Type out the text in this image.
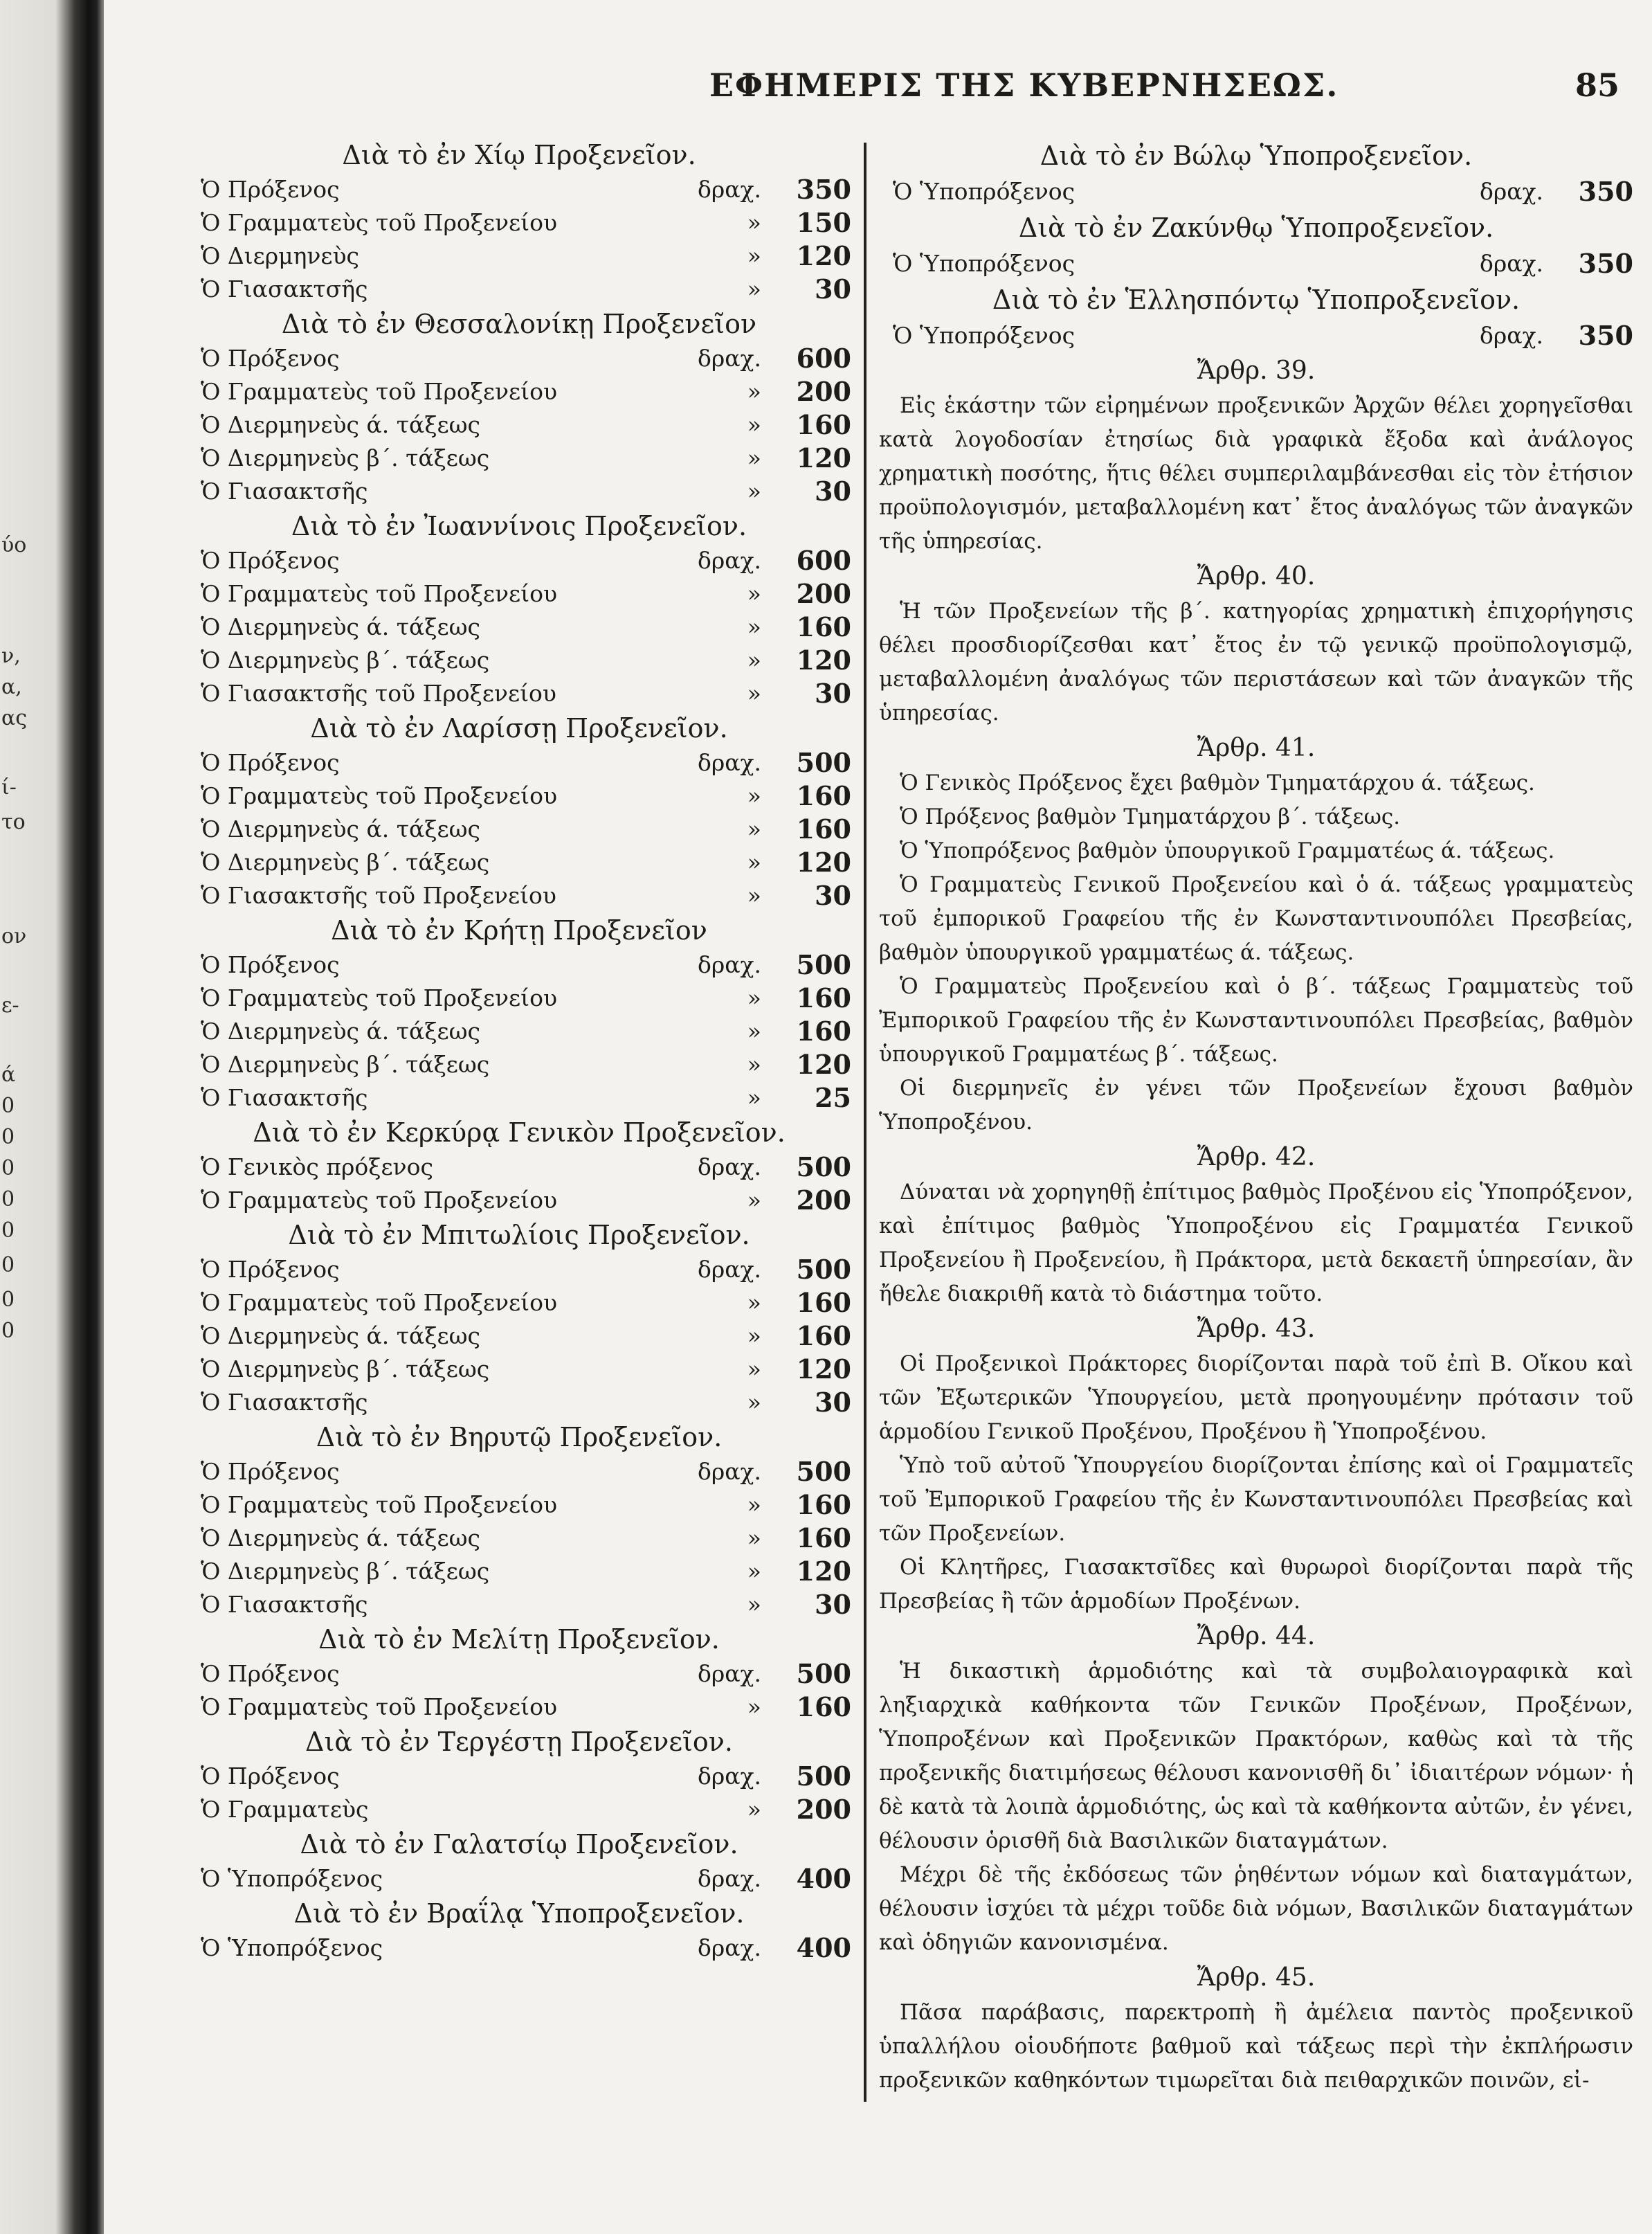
ύο
ν,
α,
ας
ί-
το
ον
ε-
ά
0
0
0
0
0
0
0
0
ΕΦΗΜΕΡΙΣ ΤΗΣ ΚΥΒΕΡΝΗΣΕΩΣ.	85
Διὰ τὸ ἐν Χίῳ Προξενεῖον.
Ὁ Πρόξενος	δραχ.	350
Ὁ Γραμματεὺς τοῦ Προξενείου	»	150
Ὁ Διερμηνεὺς	»	120
Ὁ Γιασακτσῆς	»	30
Διὰ τὸ ἐν Θεσσαλονίκῃ Προξενεῖον
Ὁ Πρόξενος	δραχ.	600
Ὁ Γραμματεὺς τοῦ Προξενείου	»	200
Ὁ Διερμηνεὺς ά. τάξεως	»	160
Ὁ Διερμηνεὺς β΄. τάξεως	»	120
Ὁ Γιασακτσῆς	»	30
Διὰ τὸ ἐν Ἰωαννίνοις Προξενεῖον.
Ὁ Πρόξενος	δραχ.	600
Ὁ Γραμματεὺς τοῦ Προξενείου	»	200
Ὁ Διερμηνεὺς ά. τάξεως	»	160
Ὁ Διερμηνεὺς β΄. τάξεως	»	120
Ὁ Γιασακτσῆς τοῦ Προξενείου	»	30
Διὰ τὸ ἐν Λαρίσσῃ Προξενεῖον.
Ὁ Πρόξενος	δραχ.	500
Ὁ Γραμματεὺς τοῦ Προξενείου	»	160
Ὁ Διερμηνεὺς ά. τάξεως	»	160
Ὁ Διερμηνεὺς β΄. τάξεως	»	120
Ὁ Γιασακτσῆς τοῦ Προξενείου	»	30
Διὰ τὸ ἐν Κρήτῃ Προξενεῖον
Ὁ Πρόξενος	δραχ.	500
Ὁ Γραμματεὺς τοῦ Προξενείου	»	160
Ὁ Διερμηνεὺς ά. τάξεως	»	160
Ὁ Διερμηνεὺς β΄. τάξεως	»	120
Ὁ Γιασακτσῆς	»	25
Διὰ τὸ ἐν Κερκύρᾳ Γενικὸν Προξενεῖον.
Ὁ Γενικὸς πρόξενος	δραχ.	500
Ὁ Γραμματεὺς τοῦ Προξενείου	»	200
Διὰ τὸ ἐν Μπιτωλίοις Προξενεῖον.
Ὁ Πρόξενος	δραχ.	500
Ὁ Γραμματεὺς τοῦ Προξενείου	»	160
Ὁ Διερμηνεὺς ά. τάξεως	»	160
Ὁ Διερμηνεὺς β΄. τάξεως	»	120
Ὁ Γιασακτσῆς	»	30
Διὰ τὸ ἐν Βηρυτῷ Προξενεῖον.
Ὁ Πρόξενος	δραχ.	500
Ὁ Γραμματεὺς τοῦ Προξενείου	»	160
Ὁ Διερμηνεὺς ά. τάξεως	»	160
Ὁ Διερμηνεὺς β΄. τάξεως	»	120
Ὁ Γιασακτσῆς	»	30
Διὰ τὸ ἐν Μελίτῃ Προξενεῖον.
Ὁ Πρόξενος	δραχ.	500
Ὁ Γραμματεὺς τοῦ Προξενείου	»	160
Διὰ τὸ ἐν Τεργέστῃ Προξενεῖον.
Ὁ Πρόξενος	δραχ.	500
Ὁ Γραμματεὺς	»	200
Διὰ τὸ ἐν Γαλατσίῳ Προξενεῖον.
Ὁ Ὑποπρόξενος	δραχ.	400
Διὰ τὸ ἐν Βραΐλᾳ Ὑποπροξενεῖον.
Ὁ Ὑποπρόξενος	δραχ.	400
Διὰ τὸ ἐν Βώλῳ Ὑποπροξενεῖον.
Ὁ Ὑποπρόξενος	δραχ.	350
Διὰ τὸ ἐν Ζακύνθῳ Ὑποπροξενεῖον.
Ὁ Ὑποπρόξενος	δραχ.	350
Διὰ τὸ ἐν Ἑλλησπόντῳ Ὑποπροξενεῖον.
Ὁ Ὑποπρόξενος	δραχ.	350
Ἄρθρ. 39.

Εἰς ἑκάστην τῶν εἰρημένων προξενικῶν Ἀρχῶν θέλει χορηγεῖσθαι κατὰ λογοδοσίαν ἐτησίως διὰ γραφικὰ ἔξοδα καὶ ἀνάλογος χρηματικὴ ποσότης, ἥτις θέλει συμπεριλαμβάνεσθαι εἰς τὸν ἐτήσιον προϋπολογισμόν, μεταβαλλομένη κατ᾽ ἔτος ἀναλόγως τῶν ἀναγκῶν τῆς ὑπηρεσίας.

Ἄρθρ. 40.

Ἡ τῶν Προξενείων τῆς β΄. κατηγορίας χρηματικὴ ἐπιχορήγησις θέλει προσδιορίζεσθαι κατ᾽ ἔτος ἐν τῷ γενικῷ προϋπολογισμῷ, μεταβαλλομένη ἀναλόγως τῶν περιστάσεων καὶ τῶν ἀναγκῶν τῆς ὑπηρεσίας.

Ἄρθρ. 41.

Ὁ Γενικὸς Πρόξενος ἔχει βαθμὸν Τμηματάρχου ά. τάξεως.

Ὁ Πρόξενος βαθμὸν Τμηματάρχου β΄. τάξεως.

Ὁ Ὑποπρόξενος βαθμὸν ὑπουργικοῦ Γραμματέως ά. τάξεως.

Ὁ Γραμματεὺς Γενικοῦ Προξενείου καὶ ὁ ά. τάξεως γραμματεὺς τοῦ ἐμπορικοῦ Γραφείου τῆς ἐν Κωνσταντινουπόλει Πρεσβείας, βαθμὸν ὑπουργικοῦ γραμματέως ά. τάξεως.

Ὁ Γραμματεὺς Προξενείου καὶ ὁ β΄. τάξεως Γραμματεὺς τοῦ Ἐμπορικοῦ Γραφείου τῆς ἐν Κωνσταντινουπόλει Πρεσβείας, βαθμὸν ὑπουργικοῦ Γραμματέως β΄. τάξεως.

Οἱ διερμηνεῖς ἐν γένει τῶν Προξενείων ἔχουσι βαθμὸν Ὑποπροξένου.

Ἄρθρ. 42.

Δύναται νὰ χορηγηθῇ ἐπίτιμος βαθμὸς Προξένου εἰς Ὑποπρόξενον, καὶ ἐπίτιμος βαθμὸς Ὑποπροξένου εἰς Γραμματέα Γενικοῦ Προξενείου ἢ Προξενείου, ἢ Πράκτορα, μετὰ δεκαετῆ ὑπηρεσίαν, ἂν ἤθελε διακριθῆ κατὰ τὸ διάστημα τοῦτο.

Ἄρθρ. 43.

Οἱ Προξενικοὶ Πράκτορες διορίζονται παρὰ τοῦ ἐπὶ Β. Οἴκου καὶ τῶν Ἐξωτερικῶν Ὑπουργείου, μετὰ προηγουμένην πρότασιν τοῦ ἁρμοδίου Γενικοῦ Προξένου, Προξένου ἢ Ὑποπροξένου.

Ὑπὸ τοῦ αὐτοῦ Ὑπουργείου διορίζονται ἐπίσης καὶ οἱ Γραμματεῖς τοῦ Ἐμπορικοῦ Γραφείου τῆς ἐν Κωνσταντινουπόλει Πρεσβείας καὶ τῶν Προξενείων.

Οἱ Κλητῆρες, Γιασακτσῖδες καὶ θυρωροὶ διορίζονται παρὰ τῆς Πρεσβείας ἢ τῶν ἁρμοδίων Προξένων.

Ἄρθρ. 44.

Ἡ δικαστικὴ ἁρμοδιότης καὶ τὰ συμβολαιογραφικὰ καὶ ληξιαρχικὰ καθήκοντα τῶν Γενικῶν Προξένων, Προξένων, Ὑποπροξένων καὶ Προξενικῶν Πρακτόρων, καθὼς καὶ τὰ τῆς προξενικῆς διατιμήσεως θέλουσι κανονισθῆ δι᾽ ἰδιαιτέρων νόμων· ἡ δὲ κατὰ τὰ λοιπὰ ἁρμοδιότης, ὡς καὶ τὰ καθήκοντα αὐτῶν, ἐν γένει, θέλουσιν ὁρισθῆ διὰ Βασιλικῶν διαταγμάτων.

Μέχρι δὲ τῆς ἐκδόσεως τῶν ῥηθέντων νόμων καὶ διαταγμάτων, θέλουσιν ἰσχύει τὰ μέχρι τοῦδε διὰ νόμων, Βασιλικῶν διαταγμάτων καὶ ὁδηγιῶν κανονισμένα.

Ἄρθρ. 45.

Πᾶσα παράβασις, παρεκτροπὴ ἢ ἀμέλεια παντὸς προξενικοῦ ὑπαλλήλου οἱουδήποτε βαθμοῦ καὶ τάξεως περὶ τὴν ἐκπλήρωσιν προξενικῶν καθηκόντων τιμωρεῖται διὰ πειθαρχικῶν ποινῶν, εἰ-
